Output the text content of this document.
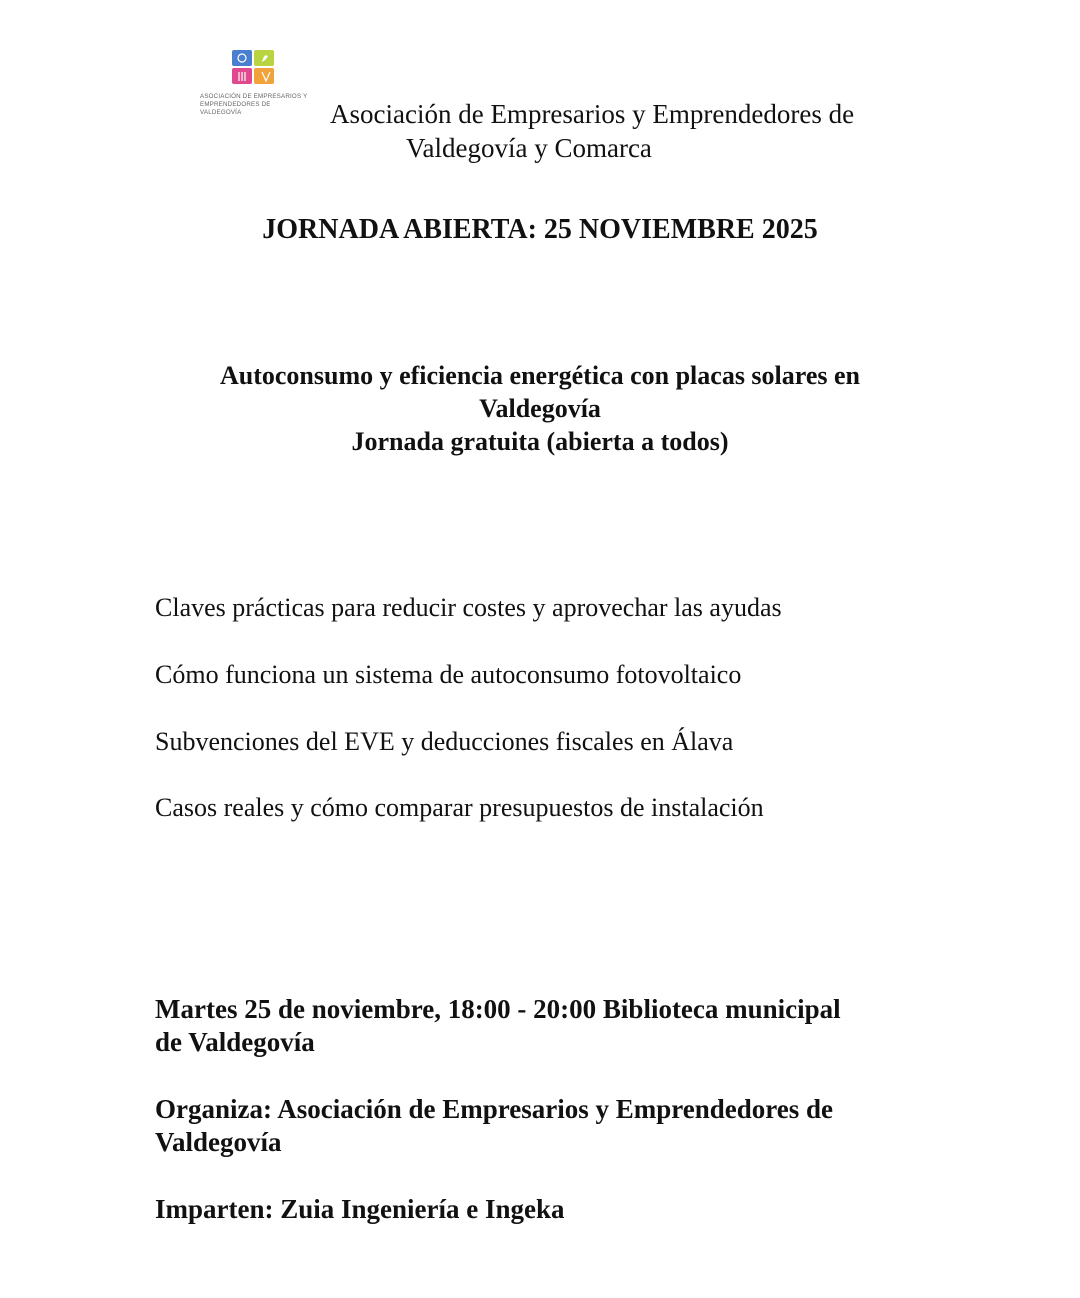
ASOCIACIÓN DE EMPRESARIOS Y
EMPRENDEDORES DE VALDEGOVÍA	Asociación de Empresarios y Emprendedores de
Valdegovía y Comarca
JORNADA ABIERTA: 25 NOVIEMBRE 2025
Autoconsumo y eficiencia energética con placas solares en
Valdegovía
Jornada gratuita (abierta a todos)
Claves prácticas para reducir costes y aprovechar las ayudas
Cómo funciona un sistema de autoconsumo fotovoltaico
Subvenciones del EVE y deducciones fiscales en Álava
Casos reales y cómo comparar presupuestos de instalación
Martes 25 de noviembre, 18:00 - 20:00 Biblioteca municipal
de Valdegovía
Organiza: Asociación de Empresarios y Emprendedores de
Valdegovía
Imparten: Zuia Ingeniería e Ingeka
